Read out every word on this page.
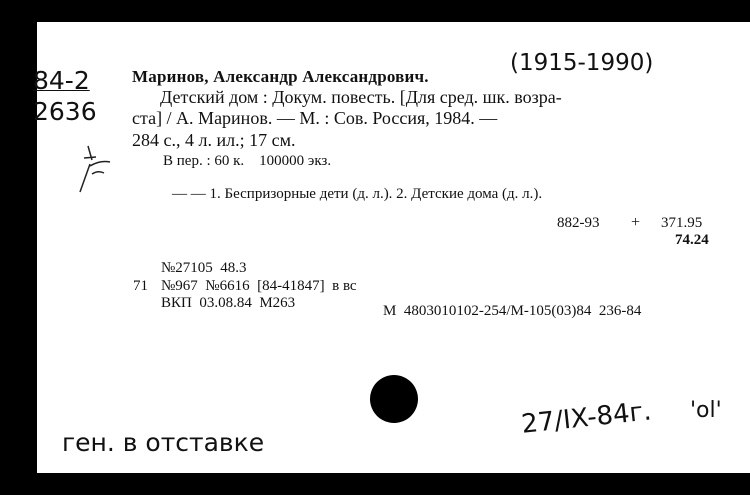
84-2
2636
Маринов, Александр Александрович.
(1915-1990)
Детский дом : Докум. повесть. [Для сред. шк. возра-
ста] / А. Маринов. — М. : Сов. Россия, 1984. —
284 с., 4 л. ил.; 17 см.
В пер. : 60 к.    100000 экз.
— — 1. Беспризорные дети (д. л.). 2. Детские дома (д. л.).
882-93 + 371.95
74.24
№27105  48.3
71 №967  №6616  [84-41847]  в вс
ВКП  03.08.84  М263	М  4803010102-254/М-105(03)84  236-84
ген. в отставке
27/IX-84г. 'ol'
